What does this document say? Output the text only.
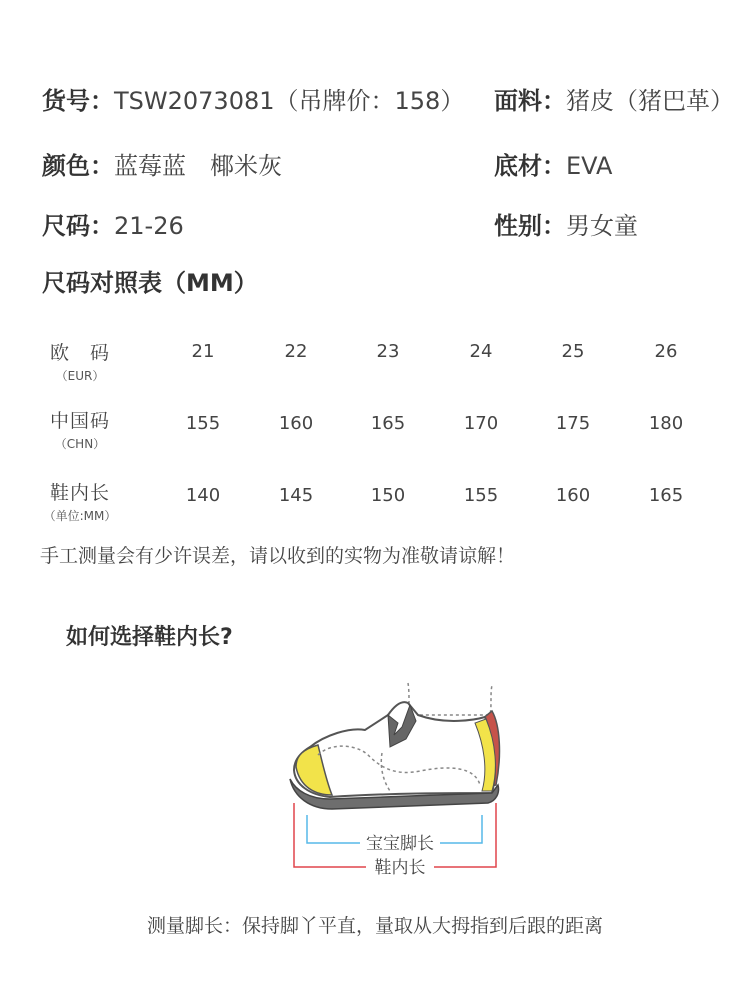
货号：TSW2073081（吊牌价：158） 面料：猪皮（猪巴革）
颜色：蓝莓蓝　椰米灰	底材：EVA
尺码：21-26	性别：男女童
尺码对照表（MM）
欧　码
（EUR）
21	22	23	24	25	26
中国码
（CHN）
155	160	165	170	175	180
鞋内长
（单位:MM）
140	145	150	155	160	165
手工测量会有少许误差，请以收到的实物为准敬请谅解！
如何选择鞋内长?
宝宝脚长
鞋内长
测量脚长：保持脚丫平直，量取从大拇指到后跟的距离
